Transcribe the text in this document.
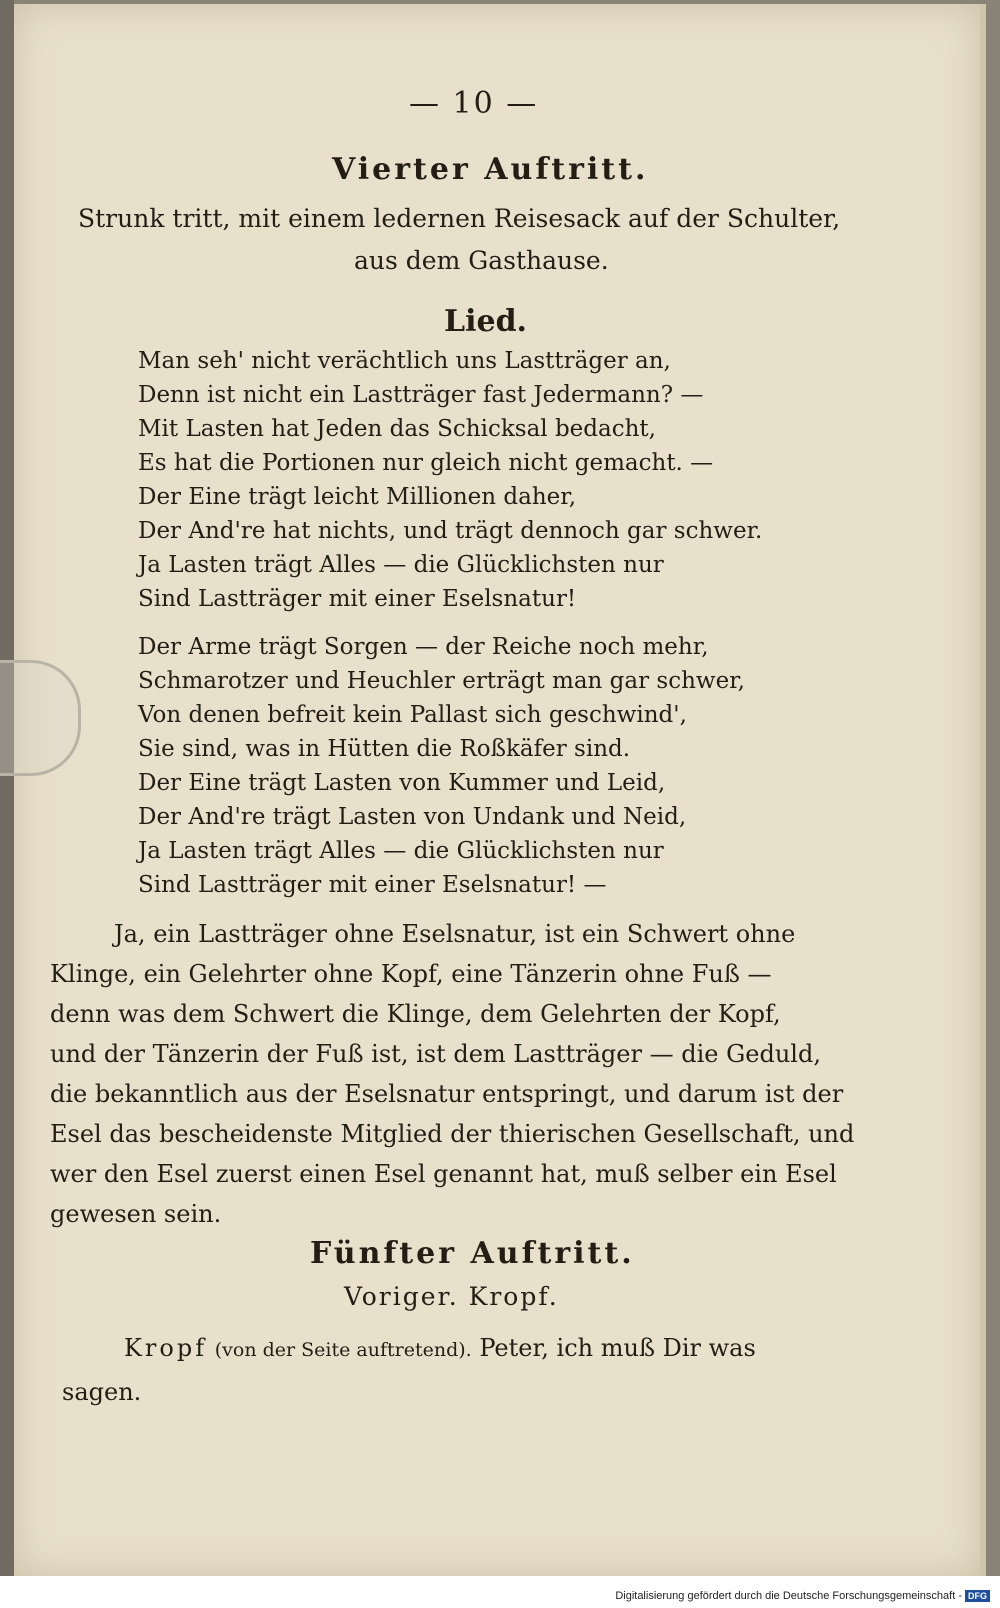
— 10 —
Vierter Auftritt.
Strunk tritt, mit einem ledernen Reisesack auf der Schulter,
aus dem Gasthause.
Lied.
Man seh' nicht verächtlich uns Lastträger an,
Denn ist nicht ein Lastträger fast Jedermann? —
Mit Lasten hat Jeden das Schicksal bedacht,
Es hat die Portionen nur gleich nicht gemacht. —
Der Eine trägt leicht Millionen daher,
Der And're hat nichts, und trägt dennoch gar schwer.
Ja Lasten trägt Alles — die Glücklichsten nur
Sind Lastträger mit einer Eselsnatur!
Der Arme trägt Sorgen — der Reiche noch mehr,
Schmarotzer und Heuchler erträgt man gar schwer,
Von denen befreit kein Pallast sich geschwind',
Sie sind, was in Hütten die Roßkäfer sind.
Der Eine trägt Lasten von Kummer und Leid,
Der And're trägt Lasten von Undank und Neid,
Ja Lasten trägt Alles — die Glücklichsten nur
Sind Lastträger mit einer Eselsnatur! —
Ja, ein Lastträger ohne Eselsnatur, ist ein Schwert ohne
Klinge, ein Gelehrter ohne Kopf, eine Tänzerin ohne Fuß —
denn was dem Schwert die Klinge, dem Gelehrten der Kopf,
und der Tänzerin der Fuß ist, ist dem Lastträger — die Geduld,
die bekanntlich aus der Eselsnatur entspringt, und darum ist der
Esel das bescheidenste Mitglied der thierischen Gesellschaft, und
wer den Esel zuerst einen Esel genannt hat, muß selber ein Esel
gewesen sein.
Fünfter Auftritt.
Voriger. Kropf.
Kropf (von der Seite auftretend). Peter, ich muß Dir was
sagen.
Digitalisierung gefördert durch die Deutsche Forschungsgemeinschaft - DFG
